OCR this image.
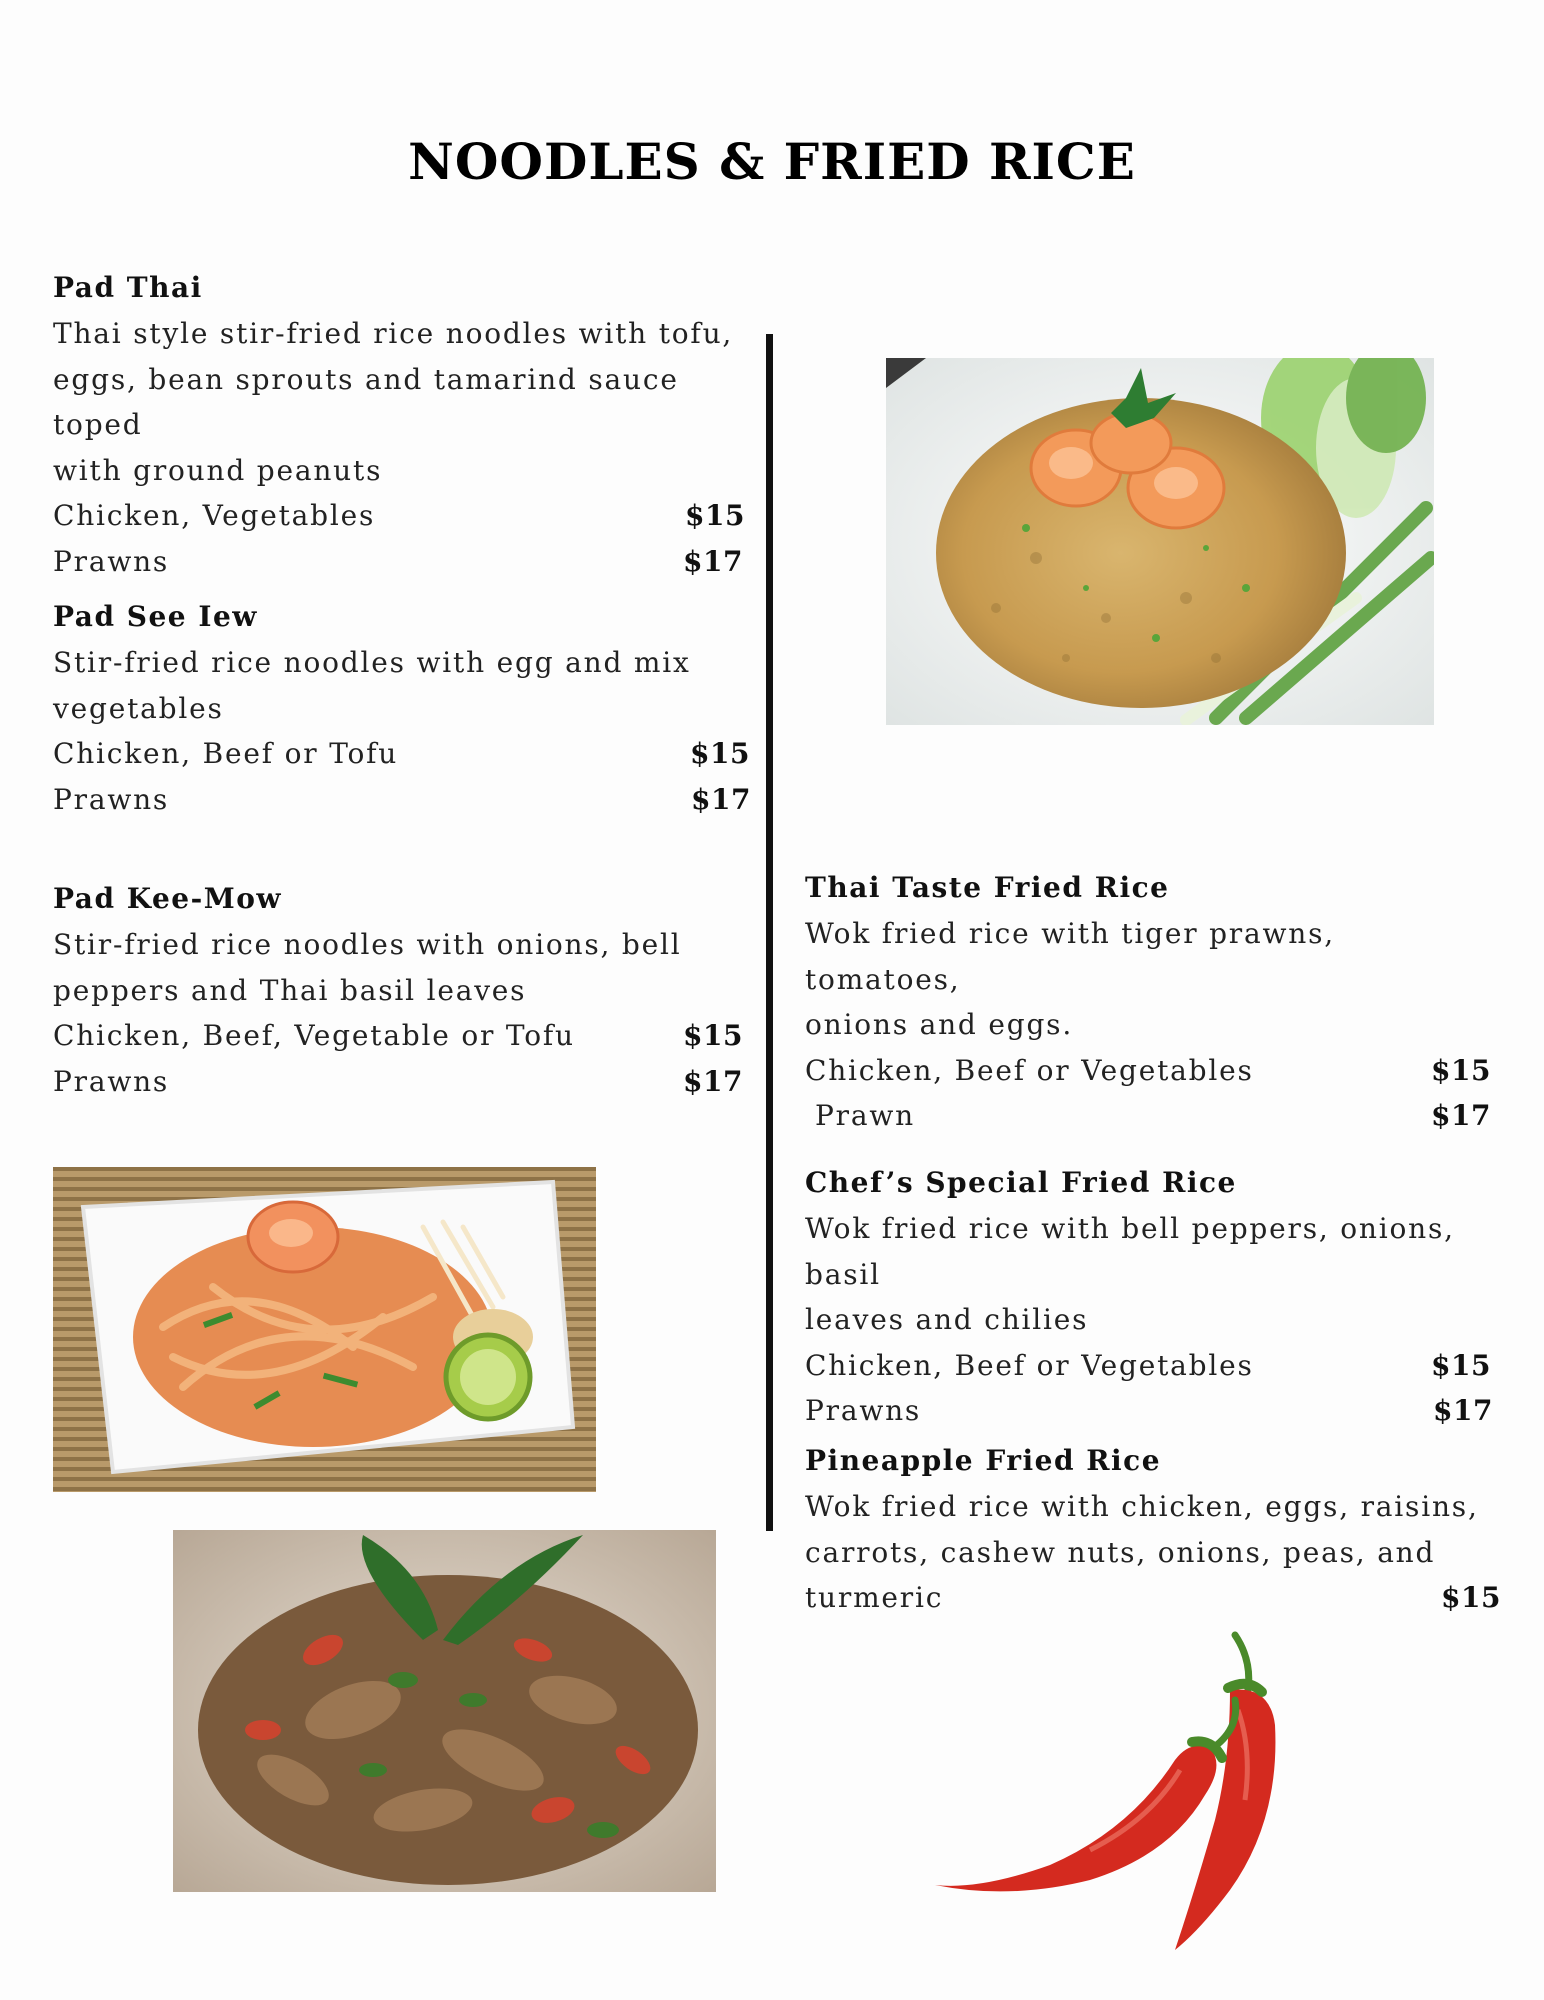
NOODLES & FRIED RICE
Pad Thai
Thai style stir-fried rice noodles with tofu,
eggs, bean sprouts and tamarind sauce toped
with ground peanuts
Chicken, Vegetables	$15
Prawns	$17
Pad See Iew
Stir-fried rice noodles with egg and mix
vegetables
Chicken, Beef or Tofu	$15
Prawns	$17
Pad Kee-Mow
Stir-fried rice noodles with onions, bell
peppers and Thai basil leaves
Chicken, Beef, Vegetable or Tofu	$15
Prawns	$17
Thai Taste Fried Rice
Wok fried rice with tiger prawns, tomatoes,
onions and eggs.
Chicken, Beef or Vegetables	$15
Prawn	$17
Chef’s Special Fried Rice
Wok fried rice with bell peppers, onions, basil
leaves and chilies
Chicken, Beef or Vegetables	$15
Prawns	$17
Pineapple Fried Rice
Wok fried rice with chicken, eggs, raisins,
carrots, cashew nuts, onions, peas, and
turmeric	$15
